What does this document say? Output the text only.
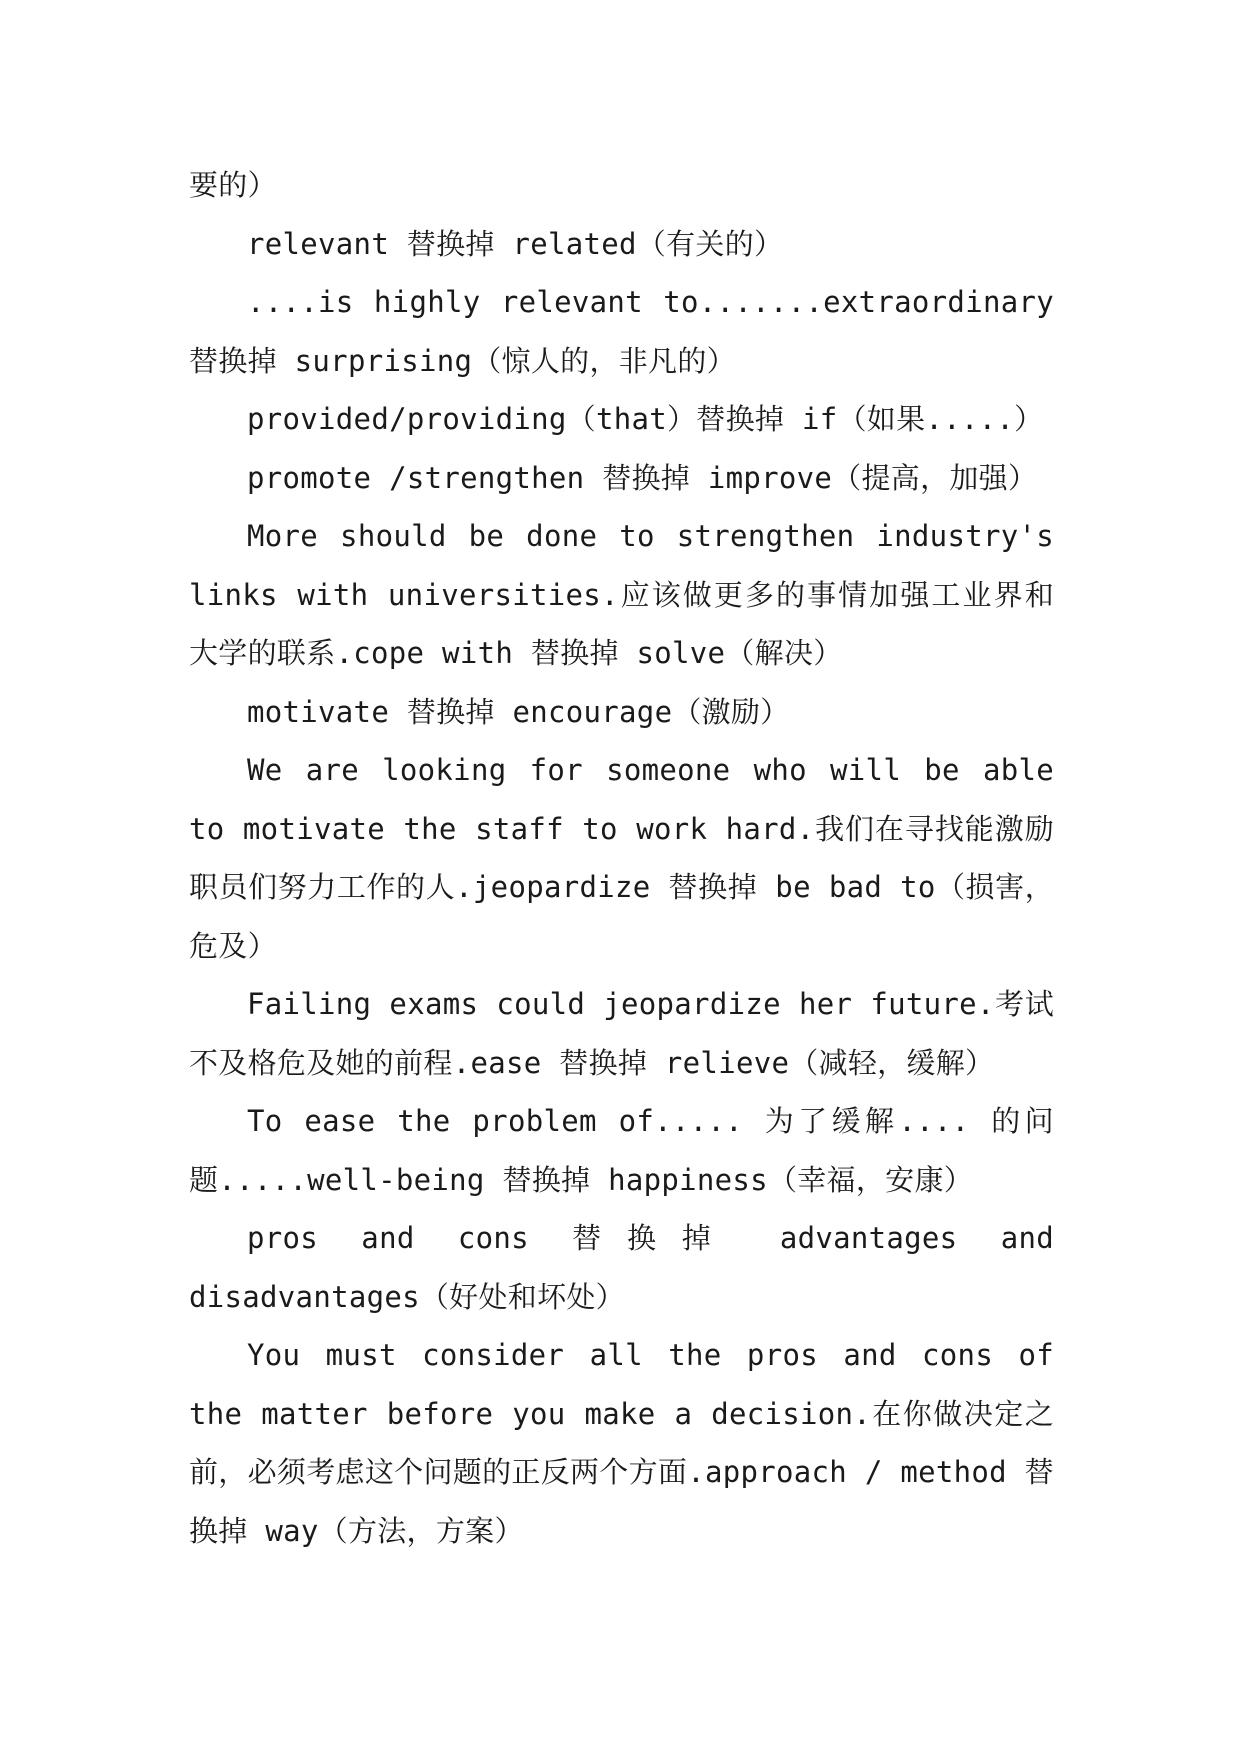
要的）

relevant 替换掉 related（有关的）

....is highly relevant to.......extraordinary 替换掉 surprising（惊人的，非凡的）

provided/providing（that）替换掉 if（如果.....）

promote /strengthen 替换掉 improve（提高，加强）

More should be done to strengthen industry's links with universities.应该做更多的事情加强工业界和大学的联系.cope with 替换掉 solve（解决）

motivate 替换掉 encourage（激励）

We are looking for someone who will be able to motivate the staff to work hard.我们在寻找能激励职员们努力工作的人.jeopardize 替换掉 be bad to（损害，危及）

Failing exams could jeopardize her future.考试不及格危及她的前程.ease 替换掉 relieve（减轻，缓解）

To ease the problem of..... 为了缓解.... 的问题.....well-being 替换掉 happiness（幸福，安康）

pros and cons 替换掉 advantages and disadvantages（好处和坏处）

You must consider all the pros and cons of the matter before you make a decision.在你做决定之前，必须考虑这个问题的正反两个方面.approach / method 替换掉 way（方法，方案）
